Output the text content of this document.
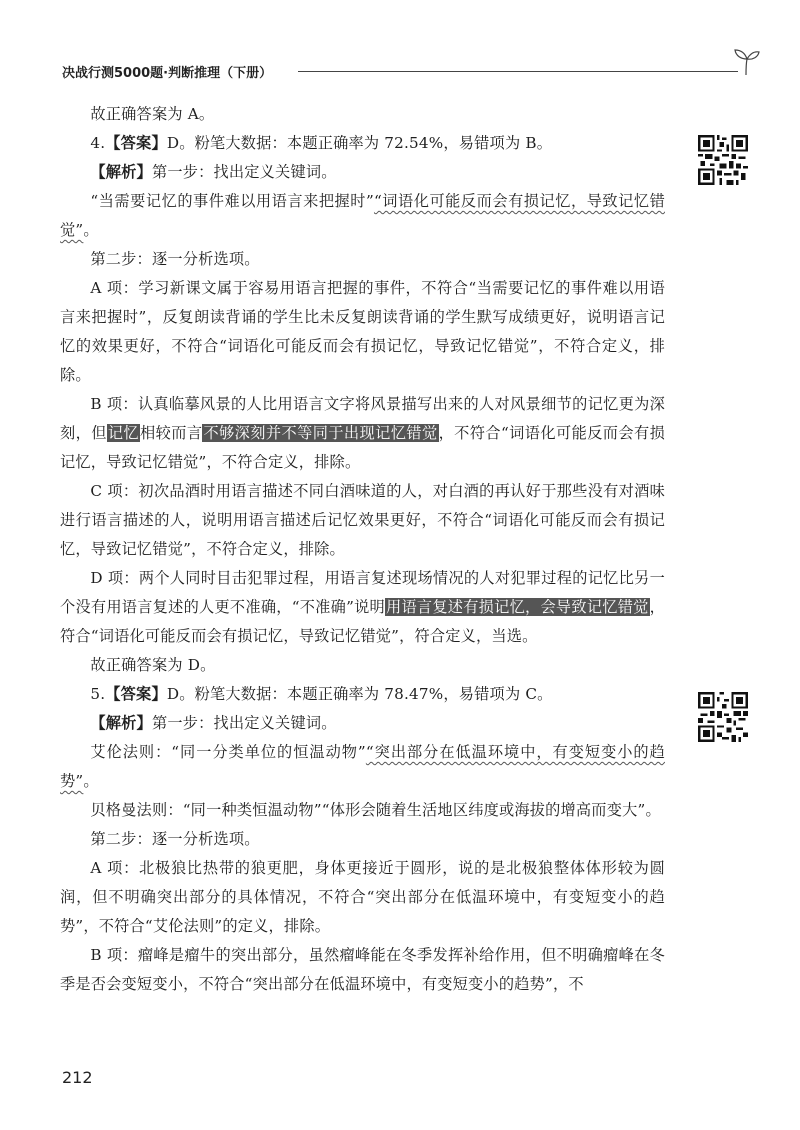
决战行测5000题·判断推理（下册）

故正确答案为 A。

4.【答案】D。粉笔大数据：本题正确率为 72.54%，易错项为 B。

【解析】第一步：找出定义关键词。

“当需要记忆的事件难以用语言来把握时”“词语化可能反而会有损记忆，导致记忆错觉”。

第二步：逐一分析选项。

A 项：学习新课文属于容易用语言把握的事件，不符合“当需要记忆的事件难以用语言来把握时”，反复朗读背诵的学生比未反复朗读背诵的学生默写成绩更好，说明语言记忆的效果更好，不符合“词语化可能反而会有损记忆，导致记忆错觉”，不符合定义，排除。

B 项：认真临摹风景的人比用语言文字将风景描写出来的人对风景细节的记忆更为深刻，但记忆相较而言不够深刻并不等同于出现记忆错觉，不符合“词语化可能反而会有损记忆，导致记忆错觉”，不符合定义，排除。

C 项：初次品酒时用语言描述不同白酒味道的人，对白酒的再认好于那些没有对酒味进行语言描述的人，说明用语言描述后记忆效果更好，不符合“词语化可能反而会有损记忆，导致记忆错觉”，不符合定义，排除。

D 项：两个人同时目击犯罪过程，用语言复述现场情况的人对犯罪过程的记忆比另一个没有用语言复述的人更不准确，“不准确”说明用语言复述有损记忆，会导致记忆错觉，符合“词语化可能反而会有损记忆，导致记忆错觉”，符合定义，当选。

故正确答案为 D。

5.【答案】D。粉笔大数据：本题正确率为 78.47%，易错项为 C。

【解析】第一步：找出定义关键词。

艾伦法则：“同一分类单位的恒温动物”“突出部分在低温环境中，有变短变小的趋势”。

贝格曼法则：“同一种类恒温动物”“体形会随着生活地区纬度或海拔的增高而变大”。

第二步：逐一分析选项。

A 项：北极狼比热带的狼更肥，身体更接近于圆形，说的是北极狼整体体形较为圆润，但不明确突出部分的具体情况，不符合“突出部分在低温环境中，有变短变小的趋势”，不符合“艾伦法则”的定义，排除。

B 项：瘤峰是瘤牛的突出部分，虽然瘤峰能在冬季发挥补给作用，但不明确瘤峰在冬季是否会变短变小，不符合“突出部分在低温环境中，有变短变小的趋势”，不

212
